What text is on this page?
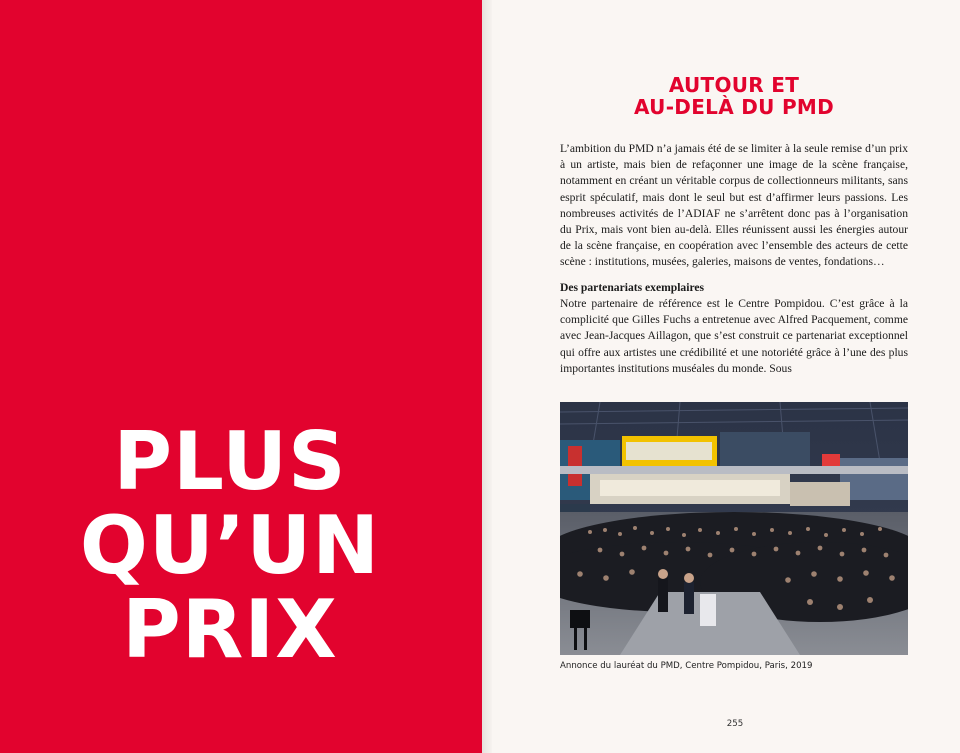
PLUS
QU’UN
PRIX
AUTOUR ET
AU-DELÀ DU PMD

L’ambition du PMD n’a jamais été de se limiter à la seule remise d’un prix à un artiste, mais bien de refaçonner une image de la scène française, notamment en créant un véritable corpus de collectionneurs militants, sans esprit spéculatif, mais dont le seul but est d’affirmer leurs passions. Les nombreuses activités de l’ADIAF ne s’arrêtent donc pas à l’organisation du Prix, mais vont bien au-delà. Elles réunissent aussi les énergies autour de la scène française, en coopération avec l’ensemble des acteurs de cette scène : institutions, musées, galeries, maisons de ventes, fondations…

Des partenariats exemplaires

Notre partenaire de référence est le Centre Pompidou. C’est grâce à la complicité que Gilles Fuchs a entretenue avec Alfred Pacquement, comme avec Jean-Jacques Aillagon, que s’est construit ce partenariat exceptionnel qui offre aux artistes une crédibilité et une notoriété grâce à l’une des plus importantes institutions muséales du monde. Sous

Annonce du lauréat du PMD, Centre Pompidou, Paris, 2019
255
